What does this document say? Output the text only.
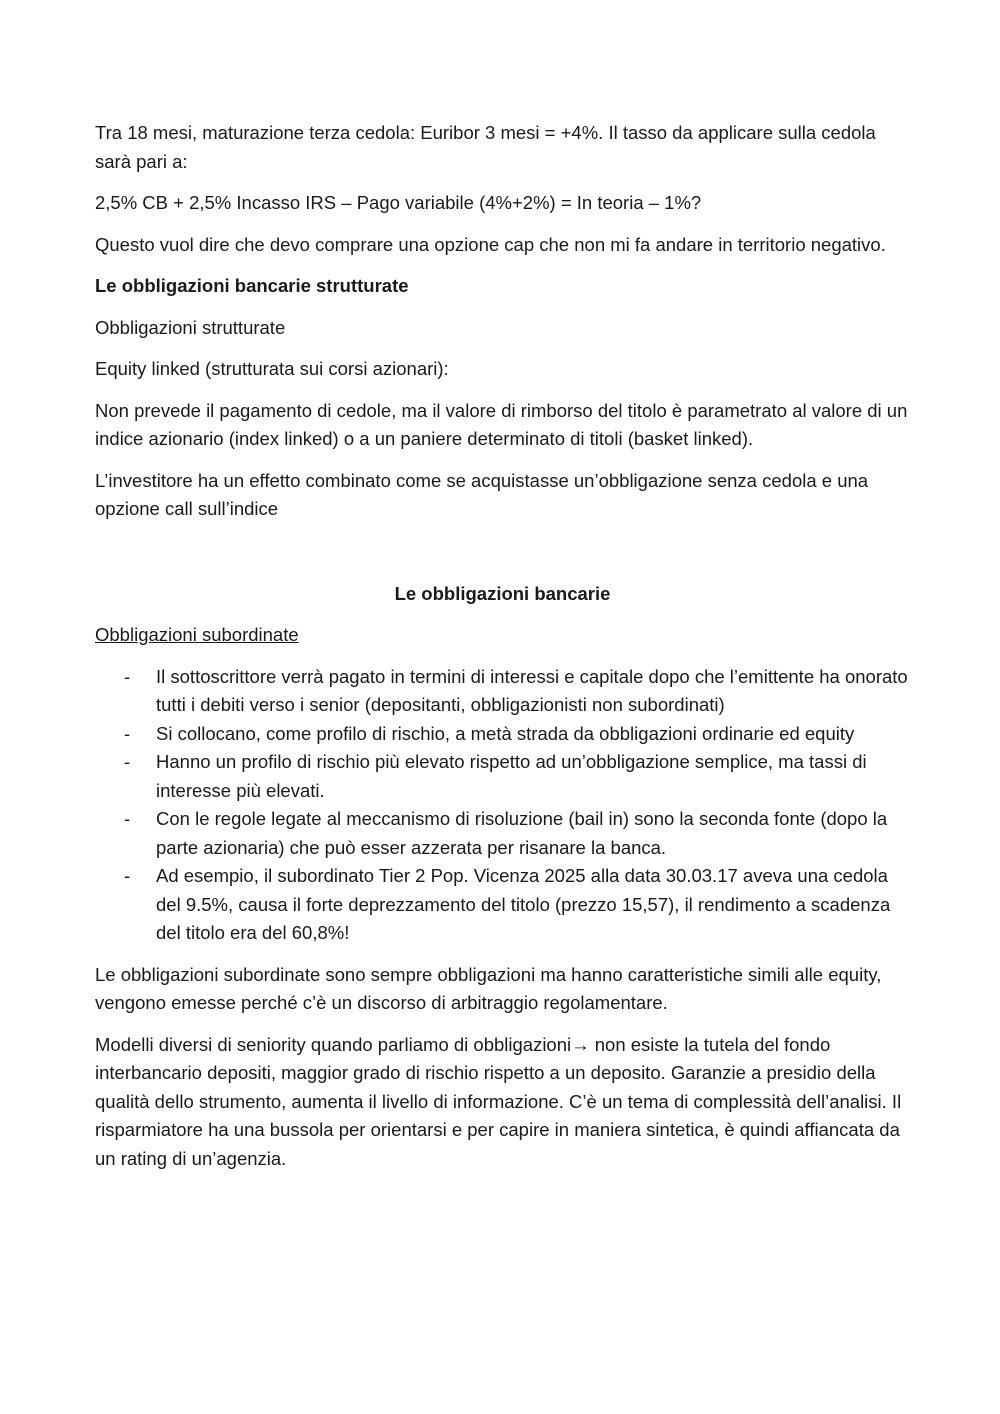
Tra 18 mesi, maturazione terza cedola: Euribor 3 mesi = +4%. Il tasso da applicare sulla cedola sarà pari a:

2,5% CB + 2,5% Incasso IRS – Pago variabile (4%+2%) = In teoria – 1%?

Questo vuol dire che devo comprare una opzione cap che non mi fa andare in territorio negativo.

Le obbligazioni bancarie strutturate

Obbligazioni strutturate

Equity linked (strutturata sui corsi azionari):

Non prevede il pagamento di cedole, ma il valore di rimborso del titolo è parametrato al valore di un indice azionario (index linked) o a un paniere determinato di titoli (basket linked).

L’investitore ha un effetto combinato come se acquistasse un’obbligazione senza cedola e una opzione call sull’indice

Le obbligazioni bancarie

Obbligazioni subordinate

- Il sottoscrittore verrà pagato in termini di interessi e capitale dopo che l’emittente ha onorato tutti i debiti verso i senior (depositanti, obbligazionisti non subordinati)
- Si collocano, come profilo di rischio, a metà strada da obbligazioni ordinarie ed equity
- Hanno un profilo di rischio più elevato rispetto ad un’obbligazione semplice, ma tassi di interesse più elevati.
- Con le regole legate al meccanismo di risoluzione (bail in) sono la seconda fonte (dopo la parte azionaria) che può esser azzerata per risanare la banca.
- Ad esempio, il subordinato Tier 2 Pop. Vicenza 2025 alla data 30.03.17 aveva una cedola del 9.5%, causa il forte deprezzamento del titolo (prezzo 15,57), il rendimento a scadenza del titolo era del 60,8%!

Le obbligazioni subordinate sono sempre obbligazioni ma hanno caratteristiche simili alle equity, vengono emesse perché c’è un discorso di arbitraggio regolamentare.

Modelli diversi di seniority quando parliamo di obbligazioni→ non esiste la tutela del fondo interbancario depositi, maggior grado di rischio rispetto a un deposito. Garanzie a presidio della qualità dello strumento, aumenta il livello di informazione. C’è un tema di complessità dell’analisi. Il risparmiatore ha una bussola per orientarsi e per capire in maniera sintetica, è quindi affiancata da un rating di un’agenzia.
